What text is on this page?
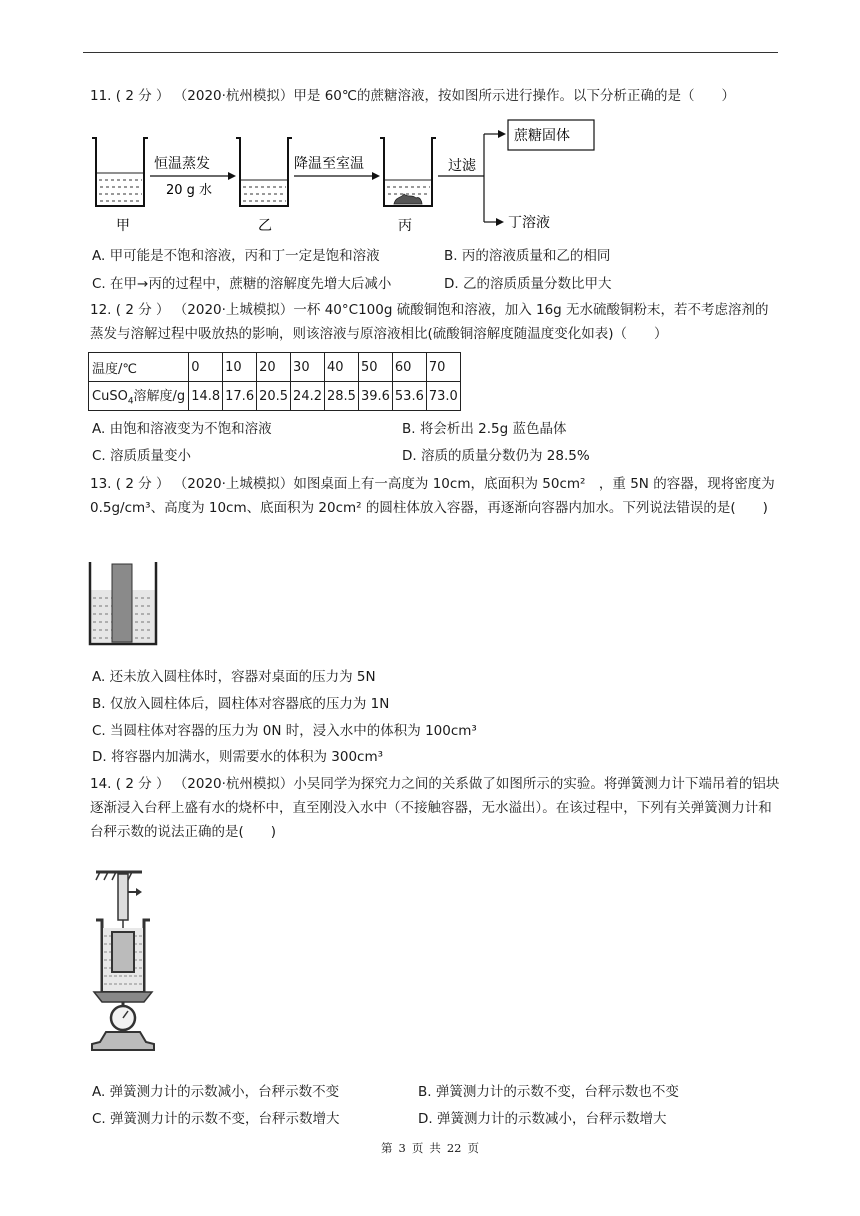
11. ( 2 分 ） （2020·杭州模拟）甲是 60℃的蔗糖溶液，按如图所示进行操作。以下分析正确的是（　　）
甲
恒温蒸发
20 g 水
乙
降温至室温
丙
过滤
蔗糖固体
丁溶液
A. 甲可能是不饱和溶液，丙和丁一定是饱和溶液	B. 丙的溶液质量和乙的相同
C. 在甲→丙的过程中，蔗糖的溶解度先增大后减小	D. 乙的溶质质量分数比甲大
12. ( 2 分 ） （2020·上城模拟）一杯 40°C100g 硫酸铜饱和溶液，加入 16g 无水硫酸铜粉末，若不考虑溶剂的蒸发与溶解过程中吸放热的影响，则该溶液与原溶液相比(硫酸铜溶解度随温度变化如表)（　　）
温度/℃	0	10	20	30	40	50	60	70
CuSO$_4$溶解度/g	14.8	17.6	20.5	24.2	28.5	39.6	53.6	73.0
A. 由饱和溶液变为不饱和溶液	B. 将会析出 2.5g 蓝色晶体
C. 溶质质量变小	D. 溶质的质量分数仍为 28.5%
13. ( 2 分 ） （2020·上城模拟）如图桌面上有一高度为 10cm，底面积为 50cm²　，重 5N 的容器，现将密度为 0.5g/cm³、高度为 10cm、底面积为 20cm² 的圆柱体放入容器，再逐渐向容器内加水。下列说法错误的是(　　)
A. 还未放入圆柱体时，容器对桌面的压力为 5N
B. 仅放入圆柱体后，圆柱体对容器底的压力为 1N
C. 当圆柱体对容器的压力为 0N 时，浸入水中的体积为 100cm³
D. 将容器内加满水，则需要水的体积为 300cm³
14. ( 2 分 ） （2020·杭州模拟）小吴同学为探究力之间的关系做了如图所示的实验。将弹簧测力计下端吊着的铝块逐渐浸入台秤上盛有水的烧杯中，直至刚没入水中（不接触容器，无水溢出）。在该过程中，下列有关弹簧测力计和台秤示数的说法正确的是(　　)
A. 弹簧测力计的示数减小，台秤示数不变	B. 弹簧测力计的示数不变，台秤示数也不变
C. 弹簧测力计的示数不变，台秤示数增大	D. 弹簧测力计的示数减小，台秤示数增大
第 3 页 共 22 页
